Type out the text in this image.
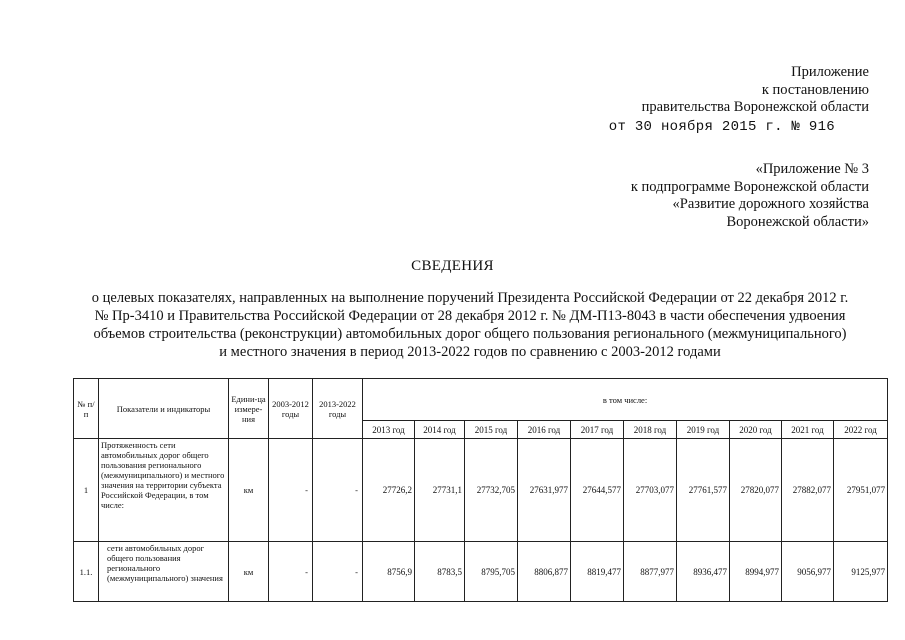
Приложение
к постановлению
правительства Воронежской области
от 30 ноября 2015 г. № 916
«Приложение № 3
к подпрограмме Воронежской области
«Развитие дорожного хозяйства
Воронежской области»
СВЕДЕНИЯ
о целевых показателях, направленных на выполнение поручений Президента Российской Федерации от 22 декабря 2012 г.
№ Пр-3410 и Правительства Российской Федерации от 28 декабря 2012 г. № ДМ-П13-8043 в части обеспечения удвоения
объемов строительства (реконструкции) автомобильных дорог общего пользования регионального (межмуниципального)
и местного значения в период 2013-2022 годов по сравнению с 2003-2012 годами
№ п/п	Показатели и индикаторы	Едини-ца измере-ния	2003-2012 годы	2013-2022 годы	в том числе:									
					2013 год	2014 год	2015 год	2016 год	2017 год	2018 год	2019 год	2020 год	2021 год	2022 год
1	Протяженность сети автомобильных дорог общего пользования регионального (межмуниципального) и местного значения на территории субъекта Российской Федерации, в том числе:	км	-	-	27726,2	27731,1	27732,705	27631,977	27644,577	27703,077	27761,577	27820,077	27882,077	27951,077
1.1.	сети автомобильных дорог общего пользования регионального (межмуниципального) значения	км	-	-	8756,9	8783,5	8795,705	8806,877	8819,477	8877,977	8936,477	8994,977	9056,977	9125,977
